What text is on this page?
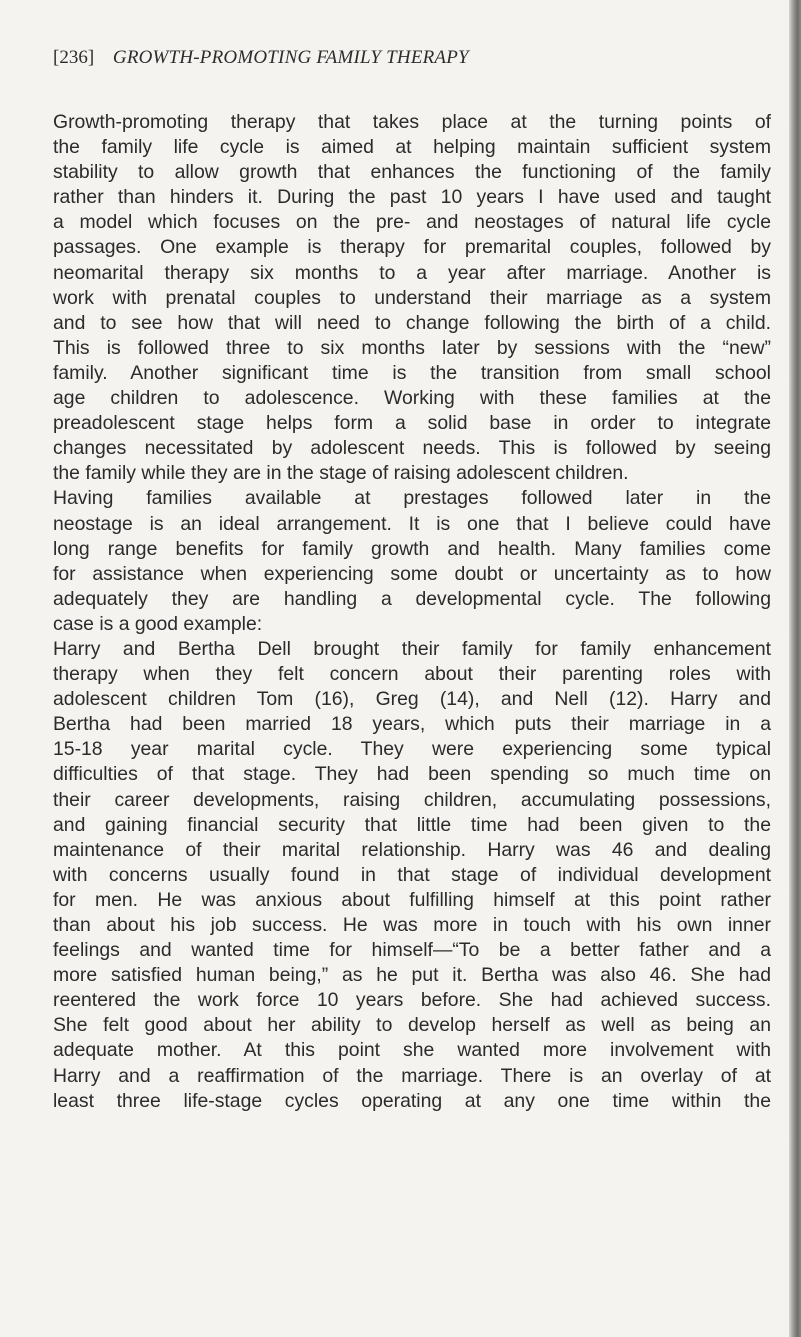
[236] GROWTH-PROMOTING FAMILY THERAPY
Growth-promoting therapy that takes place at the turning points of
the family life cycle is aimed at helping maintain sufficient system
stability to allow growth that enhances the functioning of the family
rather than hinders it. During the past 10 years I have used and taught
a model which focuses on the pre- and neostages of natural life cycle
passages. One example is therapy for premarital couples, followed by
neomarital therapy six months to a year after marriage. Another is
work with prenatal couples to understand their marriage as a system
and to see how that will need to change following the birth of a child.
This is followed three to six months later by sessions with the “new”
family. Another significant time is the transition from small school
age children to adolescence. Working with these families at the
preadolescent stage helps form a solid base in order to integrate
changes necessitated by adolescent needs. This is followed by seeing
the family while they are in the stage of raising adolescent children.
Having families available at prestages followed later in the
neostage is an ideal arrangement. It is one that I believe could have
long range benefits for family growth and health. Many families come
for assistance when experiencing some doubt or uncertainty as to how
adequately they are handling a developmental cycle. The following
case is a good example:
Harry and Bertha Dell brought their family for family enhancement
therapy when they felt concern about their parenting roles with
adolescent children Tom (16), Greg (14), and Nell (12). Harry and
Bertha had been married 18 years, which puts their marriage in a
15-18 year marital cycle. They were experiencing some typical
difficulties of that stage. They had been spending so much time on
their career developments, raising children, accumulating possessions,
and gaining financial security that little time had been given to the
maintenance of their marital relationship. Harry was 46 and dealing
with concerns usually found in that stage of individual development
for men. He was anxious about fulfilling himself at this point rather
than about his job success. He was more in touch with his own inner
feelings and wanted time for himself—“To be a better father and a
more satisfied human being,” as he put it. Bertha was also 46. She had
reentered the work force 10 years before. She had achieved success.
She felt good about her ability to develop herself as well as being an
adequate mother. At this point she wanted more involvement with
Harry and a reaffirmation of the marriage. There is an overlay of at
least three life-stage cycles operating at any one time within the
